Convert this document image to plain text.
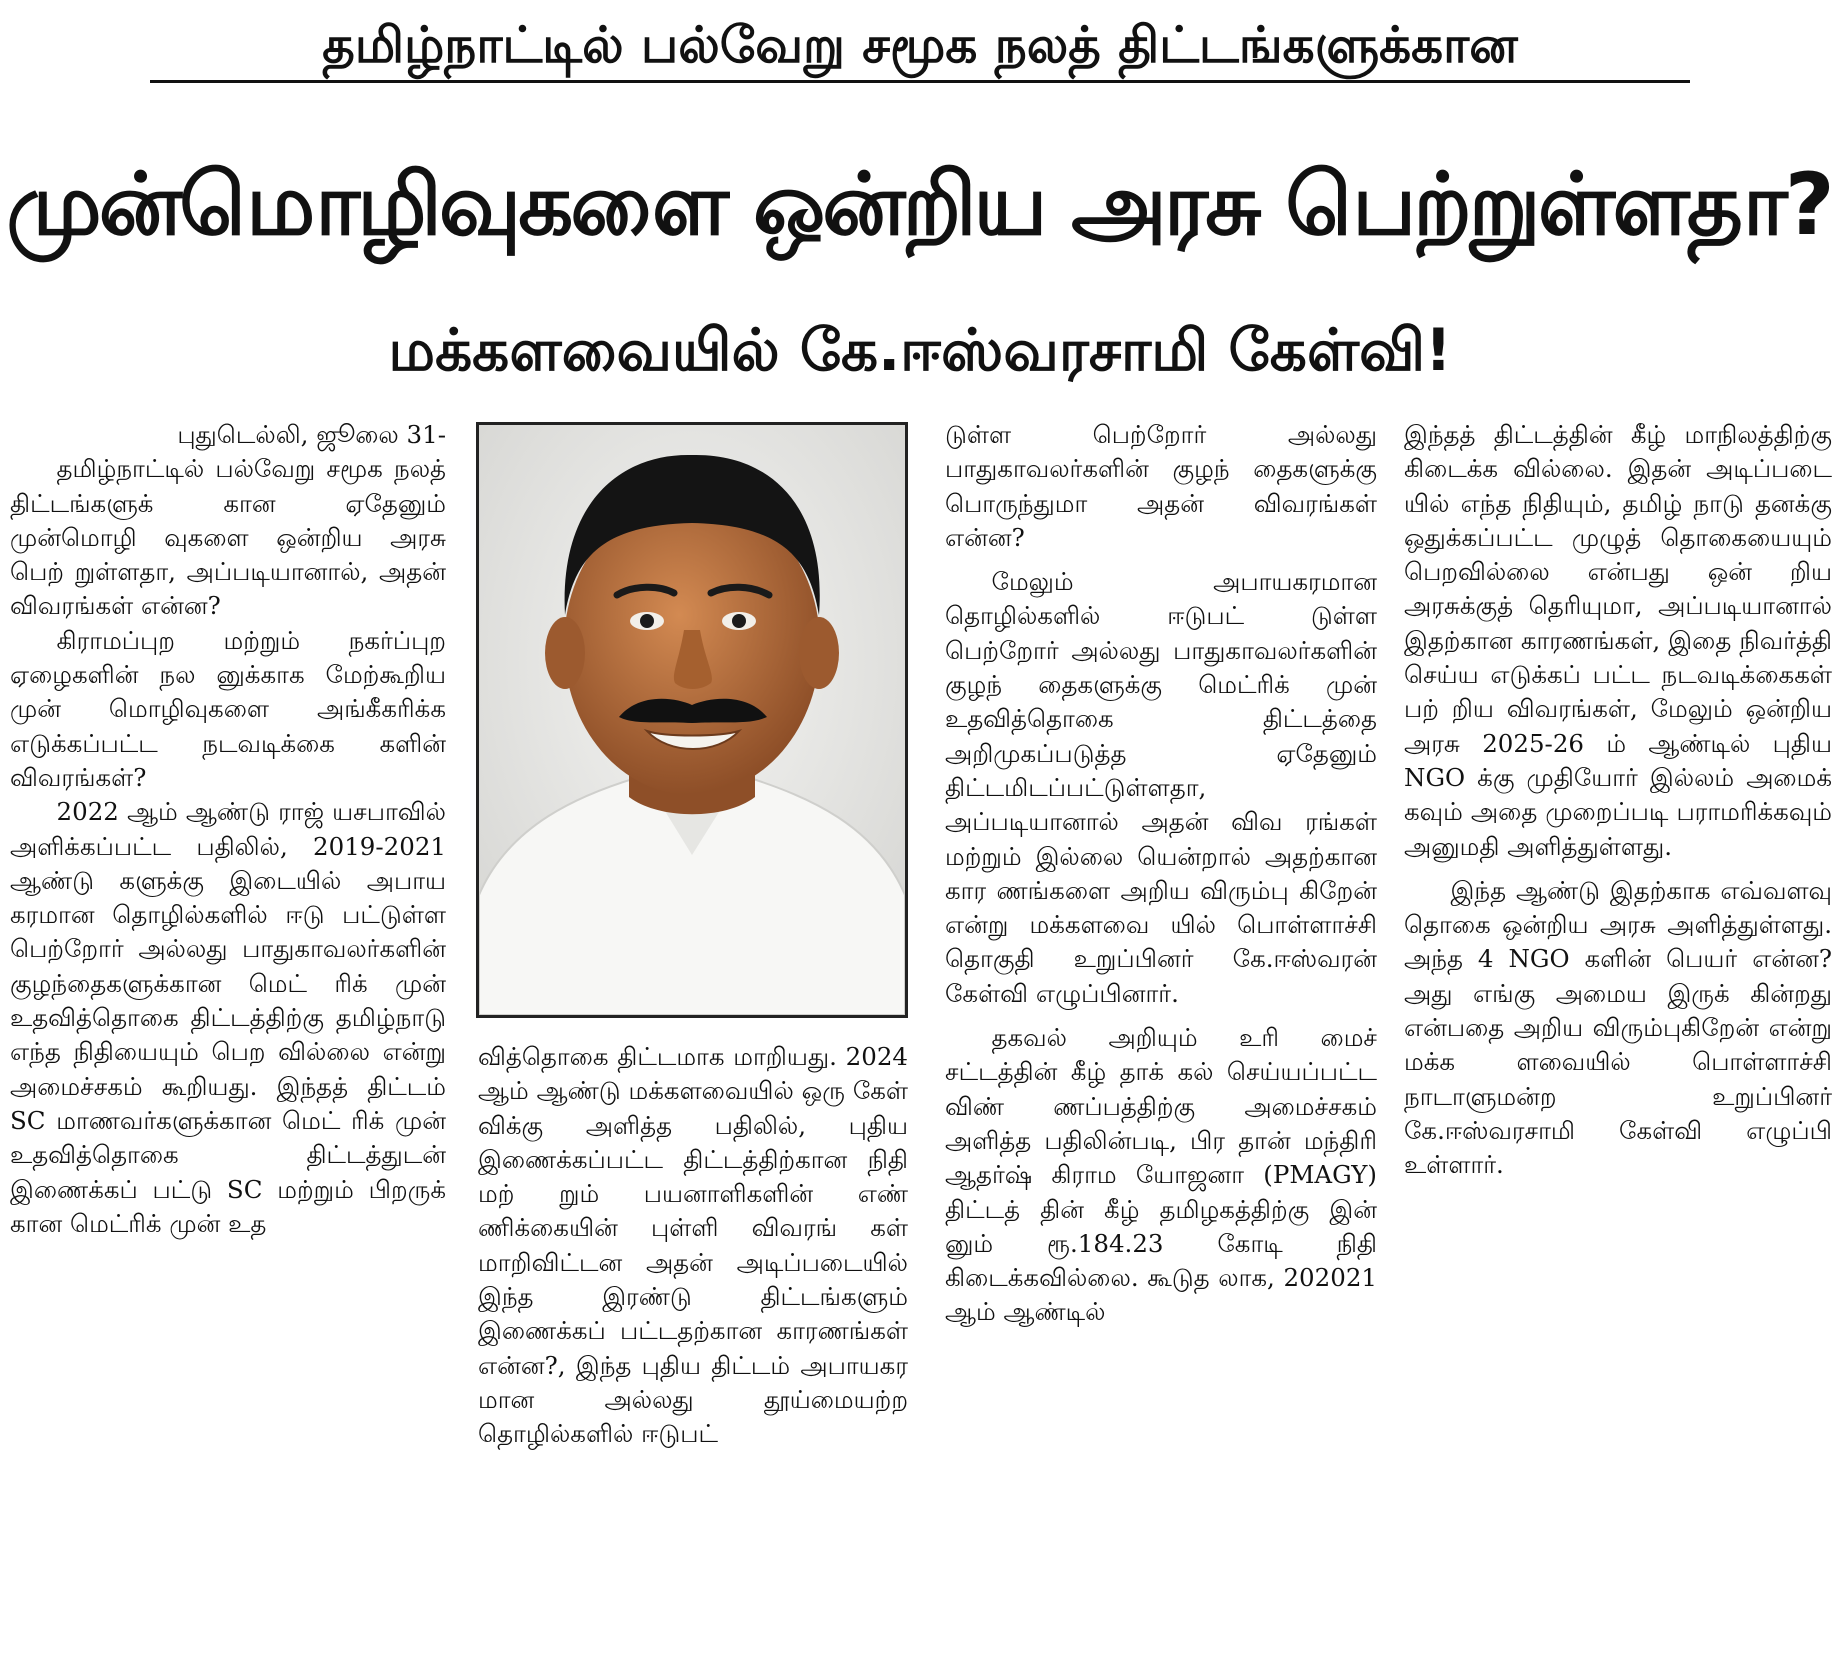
தமிழ்நாட்டில் பல்வேறு சமூக நலத் திட்டங்களுக்கான
முன்மொழிவுகளை ஒன்றிய அரசு பெற்றுள்ளதா?
மக்களவையில் கே.ஈஸ்வரசாமி கேள்வி!

புதுடெல்லி, ஜூலை 31-

தமிழ்நாட்டில் பல்வேறு சமூக நலத் திட்டங்களுக் கான ஏதேனும் முன்மொழி வுகளை ஒன்றிய அரசு பெற் றுள்ளதா, அப்படியானால், அதன் விவரங்கள் என்ன?

கிராமப்புற மற்றும் நகர்ப்புற ஏழைகளின் நல னுக்காக மேற்கூறிய முன் மொழிவுகளை அங்கீகரிக்க எடுக்கப்பட்ட நடவடிக்கை களின் விவரங்கள்?

2022 ஆம் ஆண்டு ராஜ் யசபாவில் அளிக்கப்பட்ட பதிலில், 2019-2021 ஆண்டு களுக்கு இடையில் அபாய கரமான தொழில்களில் ஈடு பட்டுள்ள பெற்றோர் அல்லது பாதுகாவலர்களின் குழந்தைகளுக்கான மெட் ரிக் முன் உதவித்தொகை திட்டத்திற்கு தமிழ்நாடு எந்த நிதியையும் பெற வில்லை என்று அமைச்சகம் கூறியது. இந்தத் திட்டம் SC மாணவர்களுக்கான மெட் ரிக் முன் உதவித்தொகை திட்டத்துடன் இணைக்கப் பட்டு SC மற்றும் பிறருக் கான மெட்ரிக் முன் உத

வித்தொகை திட்டமாக மாறியது. 2024 ஆம் ஆண்டு மக்களவையில் ஒரு கேள் விக்கு அளித்த பதிலில், புதிய இணைக்கப்பட்ட திட்டத்திற்கான நிதி மற் றும் பயனாளிகளின் எண் ணிக்கையின் புள்ளி விவரங் கள் மாறிவிட்டன அதன் அடிப்படையில் இந்த இரண்டு திட்டங்களும் இணைக்கப் பட்டதற்கான காரணங்கள் என்ன?, இந்த புதிய திட்டம் அபாயகர மான அல்லது தூய்மையற்ற தொழில்களில் ஈடுபட்

டுள்ள பெற்றோர் அல்லது பாதுகாவலர்களின் குழந் தைகளுக்கு பொருந்துமா அதன் விவரங்கள் என்ன?

மேலும் அபாயகரமான தொழில்களில் ஈடுபட் டுள்ள பெற்றோர் அல்லது பாதுகாவலர்களின் குழந் தைகளுக்கு மெட்ரிக் முன் உதவித்தொகை திட்டத்தை அறிமுகப்படுத்த ஏதேனும் திட்டமிடப்பட்டுள்ளதா, அப்படியானால் அதன் விவ ரங்கள் மற்றும் இல்லை யென்றால் அதற்கான கார ணங்களை அறிய விரும்பு கிறேன் என்று மக்களவை யில் பொள்ளாச்சி தொகுதி உறுப்பினர் கே.ஈஸ்வரன் கேள்வி எழுப்பினார்.

தகவல் அறியும் உரி மைச் சட்டத்தின் கீழ் தாக் கல் செய்யப்பட்ட விண் ணப்பத்திற்கு அமைச்சகம் அளித்த பதிலின்படி, பிர தான் மந்திரி ஆதர்ஷ் கிராம யோஜனா (PMAGY) திட்டத் தின் கீழ் தமிழகத்திற்கு இன் னும் ரூ.184.23 கோடி நிதி கிடைக்கவில்லை. கூடுத லாக, 202021 ஆம் ஆண்டில்

இந்தத் திட்டத்தின் கீழ் மாநிலத்திற்கு கிடைக்க வில்லை. இதன் அடிப்படை யில் எந்த நிதியும், தமிழ் நாடு தனக்கு ஒதுக்கப்பட்ட முழுத் தொகையையும் பெறவில்லை என்பது ஒன் றிய அரசுக்குத் தெரியுமா, அப்படியானால் இதற்கான காரணங்கள், இதை நிவர்த்தி செய்ய எடுக்கப் பட்ட நடவடிக்கைகள் பற் றிய விவரங்கள், மேலும் ஒன்றிய அரசு 2025-26 ம் ஆண்டில் புதிய NGO க்கு முதியோர் இல்லம் அமைக் கவும் அதை முறைப்படி பராமரிக்கவும் அனுமதி அளித்துள்ளது.

இந்த ஆண்டு இதற்காக எவ்வளவு தொகை ஒன்றிய அரசு அளித்துள்ளது. அந்த 4 NGO களின் பெயர் என்ன? அது எங்கு அமைய இருக் கின்றது என்பதை அறிய விரும்புகிறேன் என்று மக்க ளவையில் பொள்ளாச்சி நாடாளுமன்ற உறுப்பினர் கே.ஈஸ்வரசாமி கேள்வி எழுப்பி உள்ளார்.
